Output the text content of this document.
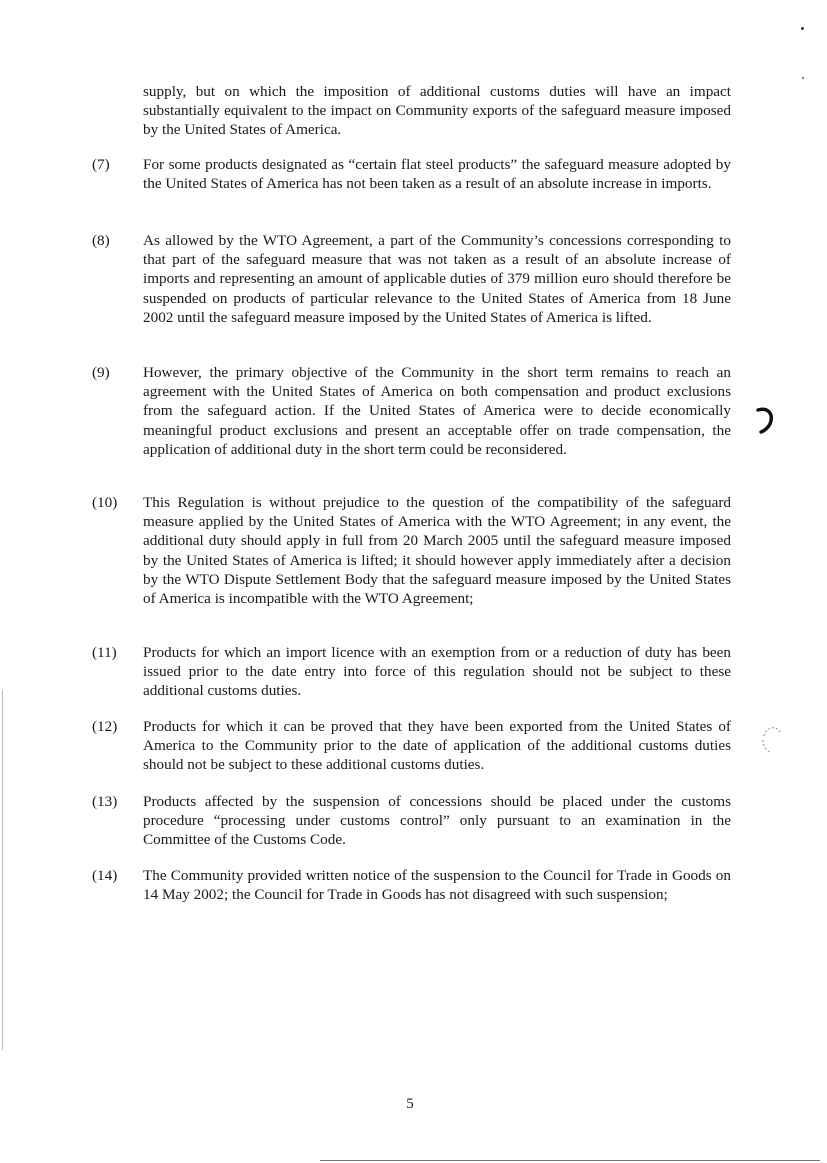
supply, but on which the imposition of additional customs duties will have an impact substantially equivalent to the impact on Community exports of the safeguard measure imposed by the United States of America.
(7)	For some products designated as “certain flat steel products” the safeguard measure adopted by the United States of America has not been taken as a result of an absolute increase in imports.
(8)	As allowed by the WTO Agreement, a part of the Community’s concessions corresponding to that part of the safeguard measure that was not taken as a result of an absolute increase of imports and representing an amount of applicable duties of 379 million euro should therefore be suspended on products of particular relevance to the United States of America from 18 June 2002 until the safeguard measure imposed by the United States of America is lifted.
(9)	However, the primary objective of the Community in the short term remains to reach an agreement with the United States of America on both compensation and product exclusions from the safeguard action. If the United States of America were to decide economically meaningful product exclusions and present an acceptable offer on trade compensation, the application of additional duty in the short term could be reconsidered.
(10)	This Regulation is without prejudice to the question of the compatibility of the safeguard measure applied by the United States of America with the WTO Agreement; in any event, the additional duty should apply in full from 20 March 2005 until the safeguard measure imposed by the United States of America is lifted; it should however apply immediately after a decision by the WTO Dispute Settlement Body that the safeguard measure imposed by the United States of America is incompatible with the WTO Agreement;
(11)	Products for which an import licence with an exemption from or a reduction of duty has been issued prior to the date entry into force of this regulation should not be subject to these additional customs duties.
(12)	Products for which it can be proved that they have been exported from the United States of America to the Community prior to the date of application of the additional customs duties should not be subject to these additional customs duties.
(13)	Products affected by the suspension of concessions should be placed under the customs procedure “processing under customs control” only pursuant to an examination in the Committee of the Customs Code.
(14)	The Community provided written notice of the suspension to the Council for Trade in Goods on 14 May 2002; the Council for Trade in Goods has not disagreed with such suspension;
5
